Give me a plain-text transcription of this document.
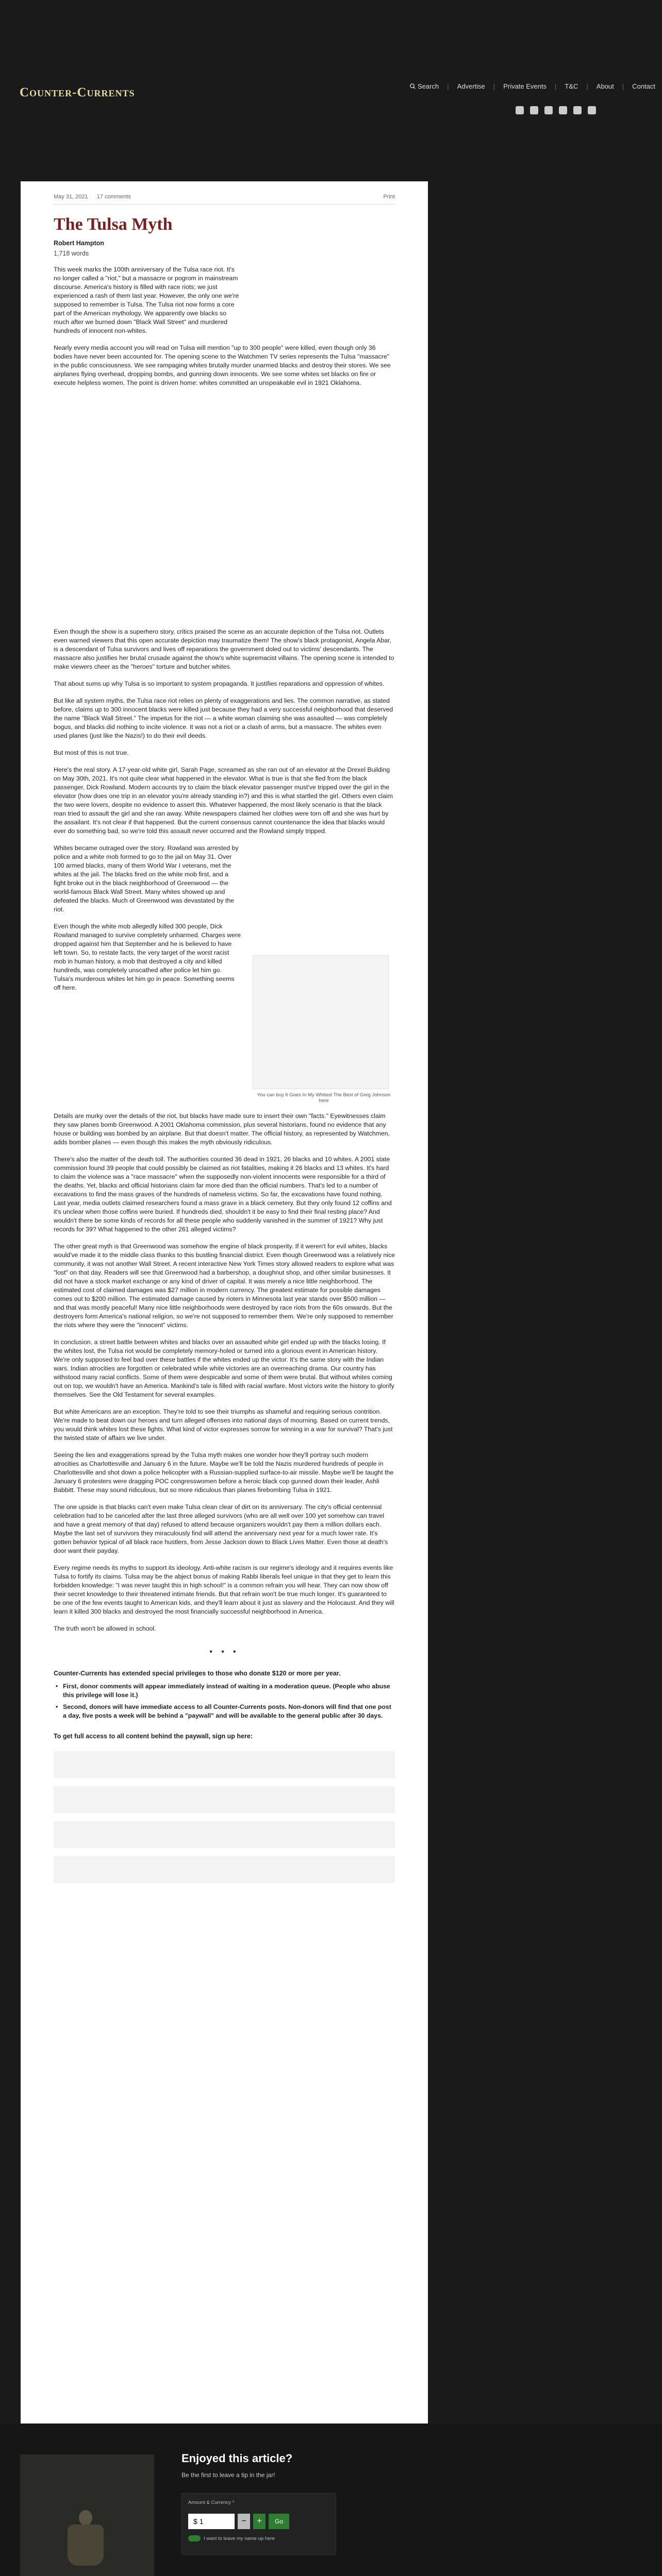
Counter-Currents	Search | Advertise | Private Events | T&C | About | Contact
May 31, 2021 17 comments	Print
The Tulsa Myth
Robert Hampton
1,718 words

This week marks the 100th anniversary of the Tulsa race riot. It's no longer called a "riot," but a massacre or pogrom in mainstream discourse. America's history is filled with race riots; we just experienced a rash of them last year. However, the only one we're supposed to remember is Tulsa. The Tulsa riot now forms a core part of the American mythology. We apparently owe blacks so much after we burned down "Black Wall Street" and murdered hundreds of innocent non-whites.

Nearly every media account you will read on Tulsa will mention "up to 300 people" were killed, even though only 36 bodies have never been accounted for. The opening scene to the Watchmen TV series represents the Tulsa "massacre" in the public consciousness. We see rampaging whites brutally murder unarmed blacks and destroy their stores. We see airplanes flying overhead, dropping bombs, and gunning down innocents. We see some whites set blacks on fire or execute helpless women. The point is driven home: whites committed an unspeakable evil in 1921 Oklahoma.

Even though the show is a superhero story, critics praised the scene as an accurate depiction of the Tulsa riot. Outlets even warned viewers that this open accurate depiction may traumatize them! The show's black protagonist, Angela Abar, is a descendant of Tulsa survivors and lives off reparations the government doled out to victims' descendants. The massacre also justifies her brutal crusade against the show's white supremacist villains. The opening scene is intended to make viewers cheer as the "heroes" torture and butcher whites.

That about sums up why Tulsa is so important to system propaganda. It justifies reparations and oppression of whites.

But like all system myths, the Tulsa race riot relies on plenty of exaggerations and lies. The common narrative, as stated before, claims up to 300 innocent blacks were killed just because they had a very successful neighborhood that deserved the name "Black Wall Street." The impetus for the riot — a white woman claiming she was assaulted — was completely bogus, and blacks did nothing to incite violence. It was not a riot or a clash of arms, but a massacre. The whites even used planes (just like the Nazis!) to do their evil deeds.

But most of this is not true.

Here's the real story. A 17-year-old white girl, Sarah Page, screamed as she ran out of an elevator at the Drexel Building on May 30th, 2021. It's not quite clear what happened in the elevator. What is true is that she fled from the black passenger, Dick Rowland. Modern accounts try to claim the black elevator passenger must've tripped over the girl in the elevator (how does one trip in an elevator you're already standing in?) and this is what startled the girl. Others even claim the two were lovers, despite no evidence to assert this. Whatever happened, the most likely scenario is that the black man tried to assault the girl and she ran away. White newspapers claimed her clothes were torn off and she was hurt by the assailant. It's not clear if that happened. But the current consensus cannot countenance the idea that blacks would ever do something bad, so we're told this assault never occurred and the Rowland simply tripped.

Whites became outraged over the story. Rowland was arrested by police and a white mob formed to go to the jail on May 31. Over 100 armed blacks, many of them World War I veterans, met the whites at the jail. The blacks fired on the white mob first, and a fight broke out in the black neighborhood of Greenwood — the world-famous Black Wall Street. Many whites showed up and defeated the blacks. Much of Greenwood was devastated by the riot.

Even though the white mob allegedly killed 300 people, Dick Rowland managed to survive completely unharmed. Charges were dropped against him that September and he is believed to have left town. So, to restate facts, the very target of the worst racist mob in human history, a mob that destroyed a city and killed hundreds, was completely unscathed after police let him go. Tulsa's murderous whites let him go in peace. Something seems off here.

You can buy It Goes In My Whitest The Best of Greg Johnson here

Details are murky over the details of the riot, but blacks have made sure to insert their own "facts." Eyewitnesses claim they saw planes bomb Greenwood. A 2001 Oklahoma commission, plus several historians, found no evidence that any house or building was bombed by an airplane. But that doesn't matter. The official history, as represented by Watchmen, adds bomber planes — even though this makes the myth obviously ridiculous.

There's also the matter of the death toll. The authorities counted 36 dead in 1921, 26 blacks and 10 whites. A 2001 state commission found 39 people that could possibly be claimed as riot fatalities, making it 26 blacks and 13 whites. It's hard to claim the violence was a "race massacre" when the supposedly non-violent innocents were responsible for a third of the deaths. Yet, blacks and official historians claim far more died than the official numbers. That's led to a number of excavations to find the mass graves of the hundreds of nameless victims. So far, the excavations have found nothing. Last year, media outlets claimed researchers found a mass grave in a black cemetery. But they only found 12 coffins and it's unclear when those coffins were buried. If hundreds died, shouldn't it be easy to find their final resting place? And wouldn't there be some kinds of records for all these people who suddenly vanished in the summer of 1921? Why just records for 39? What happened to the other 261 alleged victims?

The other great myth is that Greenwood was somehow the engine of black prosperity. If it weren't for evil whites, blacks would've made it to the middle class thanks to this bustling financial district. Even though Greenwood was a relatively nice community, it was not another Wall Street. A recent interactive New York Times story allowed readers to explore what was "lost" on that day. Readers will see that Greenwood had a barbershop, a doughnut shop, and other similar businesses. It did not have a stock market exchange or any kind of driver of capital. It was merely a nice little neighborhood. The estimated cost of claimed damages was $27 million in modern currency. The greatest estimate for possible damages comes out to $200 million. The estimated damage caused by rioters in Minnesota last year stands over $500 million — and that was mostly peaceful! Many nice little neighborhoods were destroyed by race riots from the 60s onwards. But the destroyers form America's national religion, so we're not supposed to remember them. We're only supposed to remember the riots where they were the "innocent" victims.

In conclusion, a street battle between whites and blacks over an assaulted white girl ended up with the blacks losing. If the whites lost, the Tulsa riot would be completely memory-holed or turned into a glorious event in American history. We're only supposed to feel bad over these battles if the whites ended up the victor. It's the same story with the Indian wars. Indian atrocities are forgotten or celebrated while white victories are an overreaching drama. Our country has withstood many racial conflicts. Some of them were despicable and some of them were brutal. But without whites coming out on top, we wouldn't have an America. Mankind's tale is filled with racial warfare. Most victors write the history to glorify themselves. See the Old Testament for several examples.

But white Americans are an exception. They're told to see their triumphs as shameful and requiring serious contrition. We're made to beat down our heroes and turn alleged offenses into national days of mourning. Based on current trends, you would think whites lost these fights. What kind of victor expresses sorrow for winning in a war for survival? That's just the twisted state of affairs we live under.

Seeing the lies and exaggerations spread by the Tulsa myth makes one wonder how they'll portray such modern atrocities as Charlottesville and January 6 in the future. Maybe we'll be told the Nazis murdered hundreds of people in Charlottesville and shot down a police helicopter with a Russian-supplied surface-to-air missile. Maybe we'll be taught the January 6 protesters were dragging POC congresswomen before a heroic black cop gunned down their leader, Ashli Babbitt. These may sound ridiculous, but so more ridiculous than planes firebombing Tulsa in 1921.

The one upside is that blacks can't even make Tulsa clean clear of dirt on its anniversary. The city's official centennial celebration had to be canceled after the last three alleged survivors (who are all well over 100 yet somehow can travel and have a great memory of that day) refused to attend because organizers wouldn't pay them a million dollars each. Maybe the last set of survivors they miraculously find will attend the anniversary next year for a much lower rate. It's gotten behavior typical of all black race hustlers, from Jesse Jackson down to Black Lives Matter. Even those at death's door want their payday.

Every regime needs its myths to support its ideology. Anti-white racism is our regime's ideology and it requires events like Tulsa to fortify its claims. Tulsa may be the abject bonus of making Rabbi liberals feel unique in that they get to learn this forbidden knowledge: "I was never taught this in high school!" is a common refrain you will hear. They can now show off their secret knowledge to their threatened intimate friends. But that refrain won't be true much longer. It's guaranteed to be one of the few events taught to American kids, and they'll learn about it just as slavery and the Holocaust. And they will learn it killed 300 blacks and destroyed the most financially successful neighborhood in America.

The truth won't be allowed in school.

• • •
Counter-Currents has extended special privileges to those who donate $120 or more per year.
• First, donor comments will appear immediately instead of waiting in a moderation queue. (People who abuse this privilege will lose it.)
• Second, donors will have immediate access to all Counter-Currents posts. Non-donors will find that one post a day, five posts a week will be behind a "paywall" and will be available to the general public after 30 days.
To get full access to all content behind the paywall, sign up here:
Enjoyed this article?
Be the first to leave a tip in the jar!
Amount & Currency *
$
1	−	+	Go
I want to leave my name up here
